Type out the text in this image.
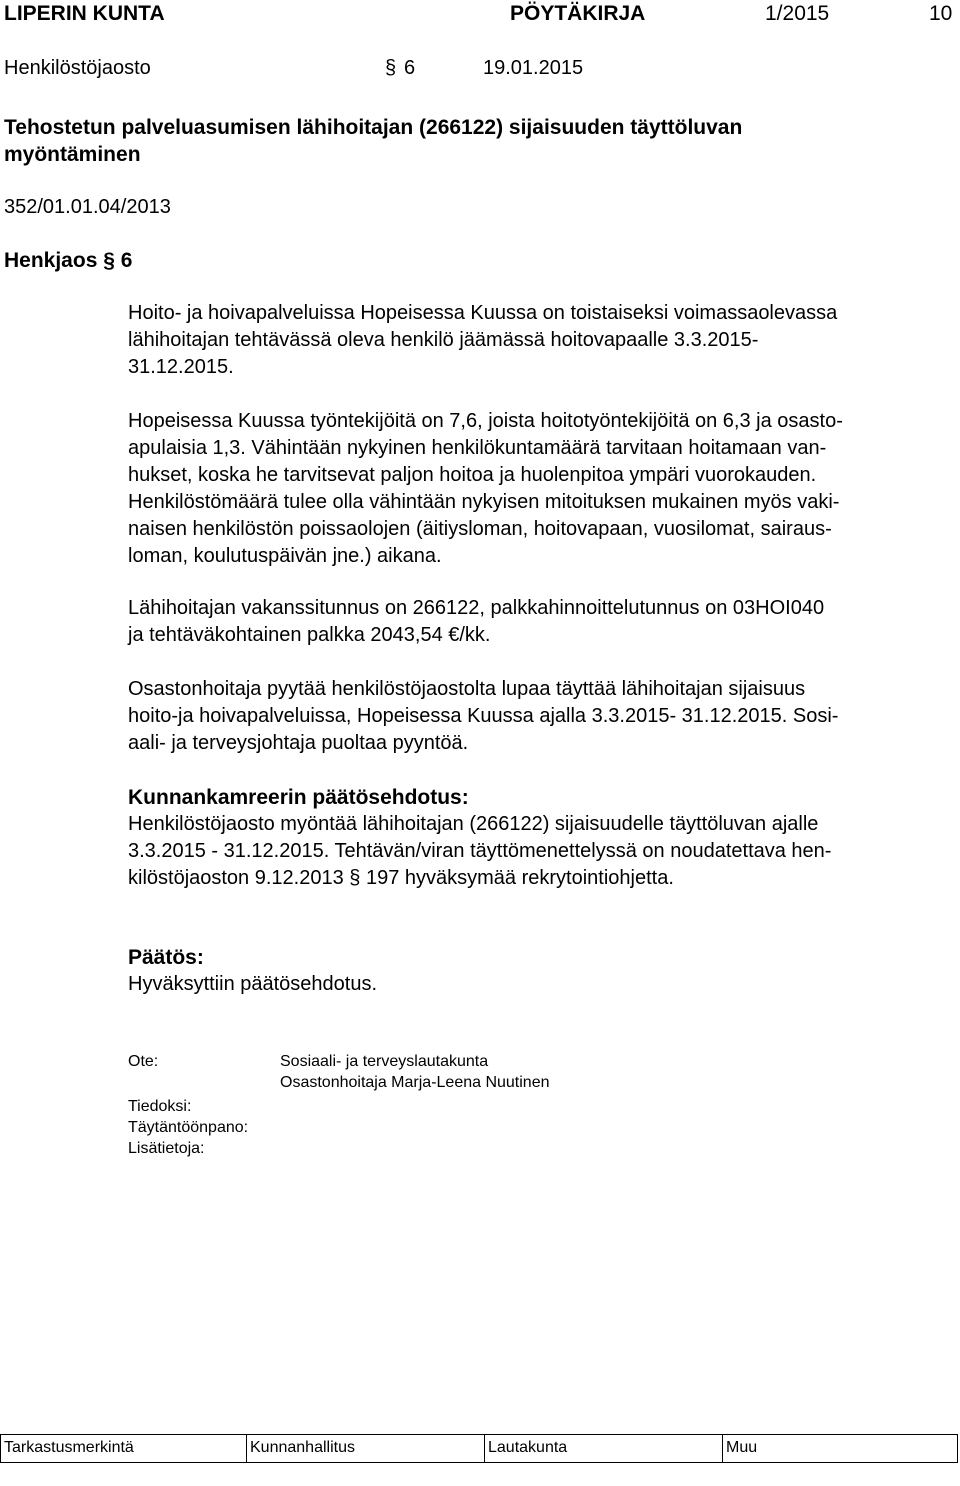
LIPERIN KUNTA	PÖYTÄKIRJA	1/2015	10
Henkilöstöjaosto	§ 6	19.01.2015
Tehostetun palveluasumisen lähihoitajan (266122) sijaisuuden täyttöluvan
myöntäminen
352/01.01.04/2013
Henkjaos § 6

Hoito- ja hoivapalveluissa Hopeisessa Kuussa on toistaiseksi voimassaolevassa

lähihoitajan tehtävässä oleva henkilö jäämässä hoitovapaalle 3.3.2015-

31.12.2015.

Hopeisessa Kuussa työntekijöitä on 7,6, joista hoitotyöntekijöitä on 6,3 ja osasto-

apulaisia 1,3. Vähintään nykyinen henkilökuntamäärä tarvitaan hoitamaan van-

hukset, koska he tarvitsevat paljon hoitoa ja huolenpitoa ympäri vuorokauden.

Henkilöstömäärä tulee olla vähintään nykyisen mitoituksen mukainen myös vaki-

naisen henkilöstön poissaolojen (äitiysloman, hoitovapaan, vuosilomat, sairaus-

loman, koulutuspäivän jne.) aikana.

Lähihoitajan vakanssitunnus on 266122, palkkahinnoittelutunnus on 03HOI040

ja tehtäväkohtainen palkka 2043,54 €/kk.

Osastonhoitaja pyytää henkilöstöjaostolta lupaa täyttää lähihoitajan sijaisuus

hoito-ja hoivapalveluissa, Hopeisessa Kuussa ajalla 3.3.2015- 31.12.2015. Sosi-

aali- ja terveysjohtaja puoltaa pyyntöä.

Kunnankamreerin päätösehdotus:

Henkilöstöjaosto myöntää lähihoitajan (266122) sijaisuudelle täyttöluvan ajalle

3.3.2015 - 31.12.2015. Tehtävän/viran täyttömenettelyssä on noudatettava hen-

kilöstöjaoston 9.12.2013 § 197 hyväksymää rekrytointiohjetta.

Päätös:

Hyväksyttiin päätösehdotus.

Ote:	Sosiaali- ja terveyslautakunta
Osastonhoitaja Marja-Leena Nuutinen
Tiedoksi:
Täytäntöönpano:
Lisätietoja:
Tarkastusmerkintä	Kunnanhallitus	Lautakunta	Muu
